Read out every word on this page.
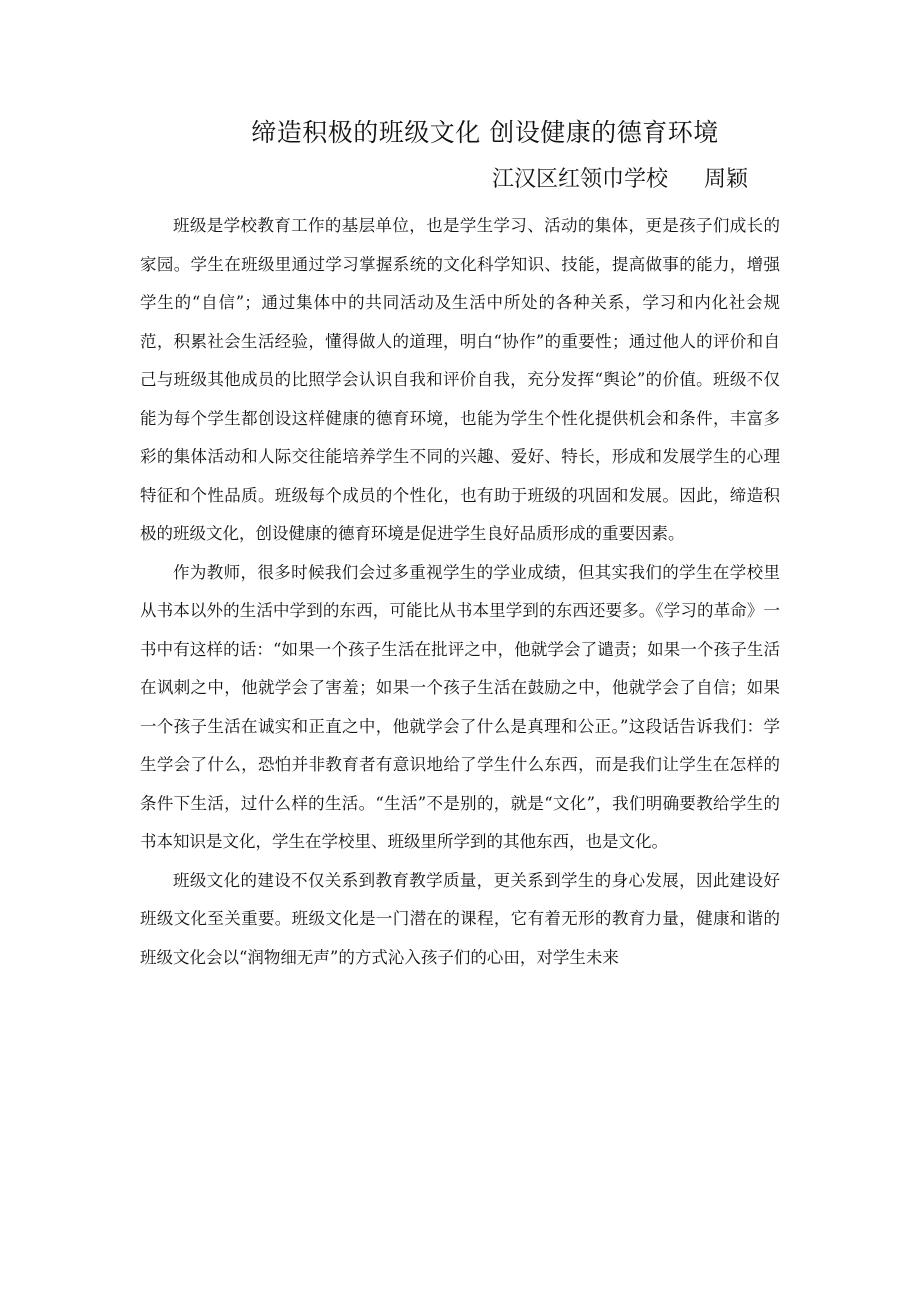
缔造积极的班级文化 创设健康的德育环境

江汉区红领巾学校 周颖

班级是学校教育工作的基层单位，也是学生学习、活动的集体，更是孩子们成长的家园。学生在班级里通过学习掌握系统的文化科学知识、技能，提高做事的能力，增强学生的“自信”；通过集体中的共同活动及生活中所处的各种关系，学习和内化社会规范，积累社会生活经验，懂得做人的道理，明白“协作”的重要性；通过他人的评价和自己与班级其他成员的比照学会认识自我和评价自我，充分发挥“舆论”的价值。班级不仅能为每个学生都创设这样健康的德育环境，也能为学生个性化提供机会和条件，丰富多彩的集体活动和人际交往能培养学生不同的兴趣、爱好、特长，形成和发展学生的心理特征和个性品质。班级每个成员的个性化，也有助于班级的巩固和发展。因此，缔造积极的班级文化，创设健康的德育环境是促进学生良好品质形成的重要因素。

作为教师，很多时候我们会过多重视学生的学业成绩，但其实我们的学生在学校里从书本以外的生活中学到的东西，可能比从书本里学到的东西还要多。《学习的革命》一书中有这样的话：“如果一个孩子生活在批评之中，他就学会了谴责；如果一个孩子生活在讽刺之中，他就学会了害羞；如果一个孩子生活在鼓励之中，他就学会了自信；如果一个孩子生活在诚实和正直之中，他就学会了什么是真理和公正。”这段话告诉我们：学生学会了什么，恐怕并非教育者有意识地给了学生什么东西，而是我们让学生在怎样的条件下生活，过什么样的生活。“生活”不是别的，就是“文化”，我们明确要教给学生的书本知识是文化，学生在学校里、班级里所学到的其他东西，也是文化。

班级文化的建设不仅关系到教育教学质量，更关系到学生的身心发展，因此建设好班级文化至关重要。班级文化是一门潜在的课程，它有着无形的教育力量，健康和谐的班级文化会以“润物细无声”的方式沁入孩子们的心田，对学生未来
